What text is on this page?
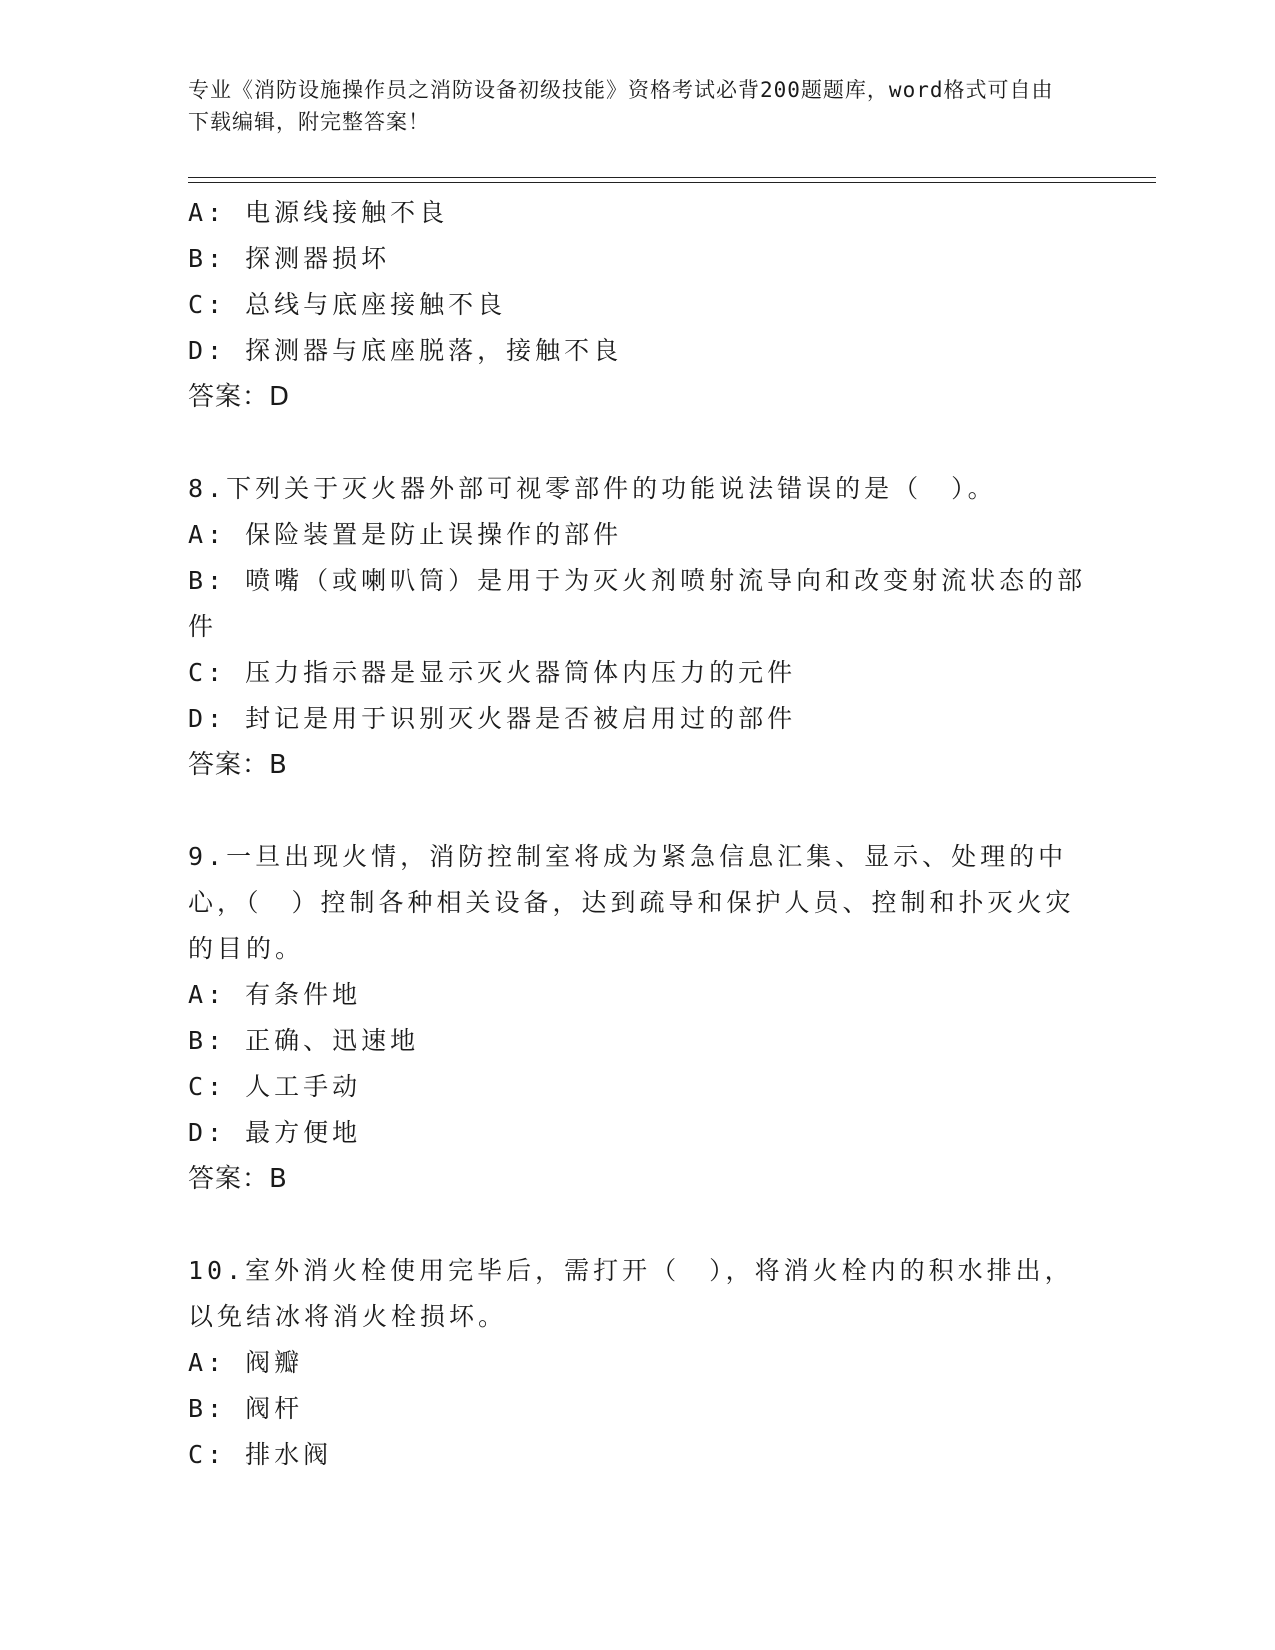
专业《消防设施操作员之消防设备初级技能》资格考试必背200题题库，word格式可自由下载编辑，附完整答案！
A: 电源线接触不良
B: 探测器损坏
C: 总线与底座接触不良
D: 探测器与底座脱落，接触不良
答案：D
8.下列关于灭火器外部可视零部件的功能说法错误的是（　）。
A: 保险装置是防止误操作的部件
B: 喷嘴（或喇叭筒）是用于为灭火剂喷射流导向和改变射流状态的部件
C: 压力指示器是显示灭火器筒体内压力的元件
D: 封记是用于识别灭火器是否被启用过的部件
答案：B
9.一旦出现火情，消防控制室将成为紧急信息汇集、显示、处理的中心，（　）控制各种相关设备，达到疏导和保护人员、控制和扑灭火灾的目的。
A: 有条件地
B: 正确、迅速地
C: 人工手动
D: 最方便地
答案：B
10.室外消火栓使用完毕后，需打开（　），将消火栓内的积水排出，以免结冰将消火栓损坏。
A: 阀瓣
B: 阀杆
C: 排水阀
